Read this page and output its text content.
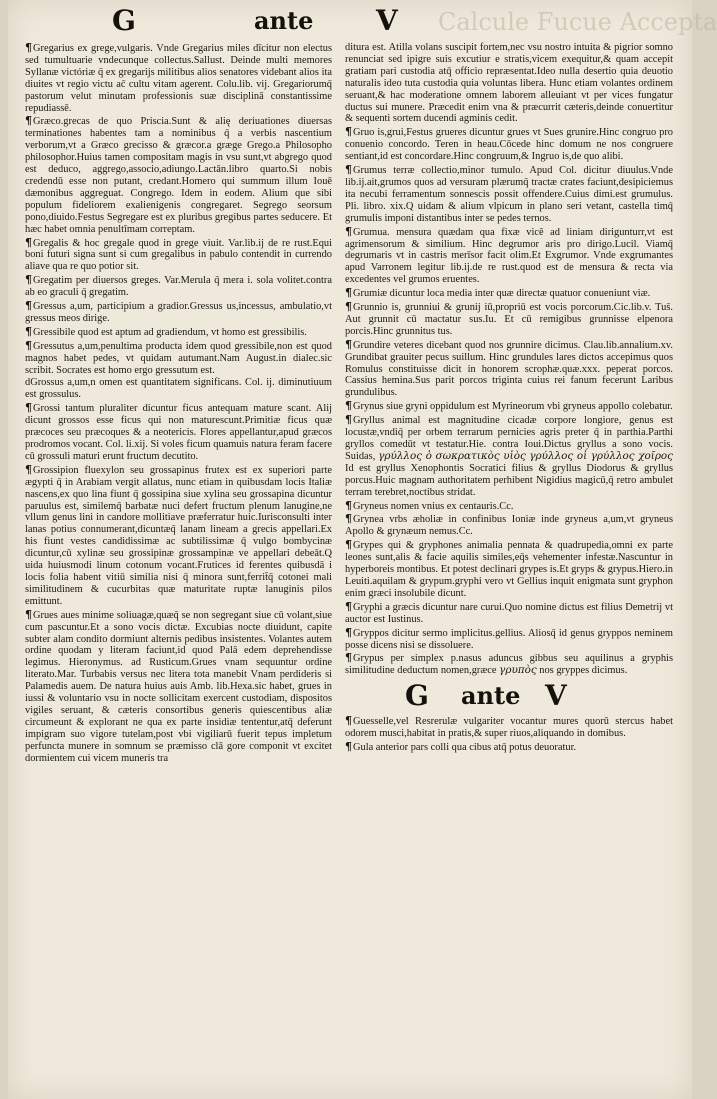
G	ante V Calcule Fucue Accepta

¶Gregarius ex grege,vulgaris. Vnde Gregarius miles dīcitur non electus sed tumultuarie vndecunque collectus.Sallust. Deinde multi memores Syllanæ victóriæ q̄ ex gregarijs militibus alios senatores videbant alios ita diuites vt regio victu ac̄ cultu vitam agerent. Colu.lib. vij. Gregariorumq̄ pastorum velut minutam professionis suæ disciplinā constantissime repudiassē.

¶Græco.grecas de quo Priscia.Sunt & alię deriuationes diuersas terminationes habentes tam a nominibus q̄ a verbis nascentium verborum,vt a Græco grecisso & græcor.a græge Grego.a Philosopho philosophor.Huius tamen compositam magis in vsu sunt,vt abgrego quod est deduco, aggrego,associo,adiungo.Lactān.libro quarto.Si nobis credendū esse non putant, credant.Homero qui summum illum Iouē dæmonibus aggreguat. Congrego. Idem in eodem. Alium que sibi populum fideliorem exalienigenis congregaret. Segrego seorsum pono,diuido.Festus Segregare est ex pluribus gregibus partes seducere. Et hæc habet omnia penultīmam correptam.

¶Gregalis & hoc gregale quod in grege viuit. Var.lib.ij de re rust.Equi boni futuri signa sunt si cum gregalibus in pabulo contendit in currendo aliave qua re quo potior sit.

¶Gregatim per diuersos greges. Var.Merula q̄ mera i. sola volitet.contra ab eo graculi q̄ gregatim.

¶Gressus a,um, participium a gradior.Gressus us,incessus, ambulatio,vt gressus meos dirige.

¶Gressibile quod est aptum ad gradiendum, vt homo est gressibilis.

¶Gressutus a,um,penultima producta idem quod gressibile,non est quod magnos habet pedes, vt quidam autumant.Nam August.in dialec.sic scribit. Socrates est homo ergo gressutum est.

dGrossus a,um,n omen est quantitatem significans. Col. ij. diminutiuum est grossulus.

¶Grossi tantum pluraliter dicuntur ficus antequam mature scant. Alij dicunt grossos esse ficus qui non maturescunt.Primitiæ ficus quæ præcoces seu præcoques & a neotericis. Flores appellantur,apud græcos prodromos vocant. Col. li.xij. Si voles ficum quamuis natura feram facere cū grossuli maturi erunt fructum decutito.

¶Grossipion fluexylon seu grossapinus frutex est ex superiori parte ægypti q̄ in Arabiam vergit allatus, nunc etiam in quibusdam locis Italiæ nascens,ex quo lina fiunt q̄ gossipina siue xylina seu grossapina dicuntur paruulus est, similemq̄ barbatæ nuci defert fructum plenum lanugine,ne vllum genus lini in candore mollitiave præferratur huic.Iurisconsulti inter lanas potius connumerant,dicuntæq̄ lanam lineam a grecis appellari.Ex his fiunt vestes candidissimæ ac subtilissimæ q̄ vulgo bombycinæ dicuntur,cū xylinæ seu grossipinæ grossampinæ ve appellari debeāt.Q uida huiusmodi linum cotonum vocant.Frutices id ferentes quibusdā i locis folia habent vitiū similia nisi q̄ minora sunt,ferrit̄q̄ cotonei mali similitudinem & cucurbitas quæ maturitate ruptæ lanuginis pilos emittunt.

¶Grues aues minime soliuagæ,quæq̄ se non segregant siue cū volant,siue cum pascuntur.Et a sono vocis dictæ. Excubias nocte diuidunt, capite subter alam condito dormiunt alternis pedibus insistentes. Volantes autem ordine quodam y literam faciunt,id quod Palā edem deprehendisse legimus. Hieronymus. ad Rusticum.Grues vnam sequuntur ordine literato.Mar. Turbabis versus nec litera tota manebit Vnam perdideris si Palamedis auem. De natura huius auis Amb. lib.Hexa.sic habet, grues in iussi & voluntario vsu in nocte sollicitam exercent custodiam, dispositos vigiles seruant, & cæteris consortibus generis quiescentibus aliæ circumeunt & explorant ne qua ex parte insidiæ tententur,atq̄ deferunt impigram suo vigore tutelam,post vbi vigiliarū fuerit tepus impletum perfuncta munere in somnum se præmisso clā gore componit vt excitet dormientem cui vicem muneris tra

ditura est. Atilla volans suscipit fortem,nec vsu nostro intuita & pigrior somno renunciat sed ipigre suis excutiur e stratis,vicem exequitur,& quam accepit gratiam pari custodia atq̄ officio repræsentat.Ideo nulla desertio quia deuotio naturalis ideo tuta custodia quia voluntas libera. Hunc etiam volantes ordinem seruant,& hac moderatione omnem laborem alleuiant vt per vices fungatur ductus sui munere. Præcedit enim vna & præcurrit cæteris,deinde conuertitur & sequenti sortem ducendi agminis cedit.

¶Gruo is,grui,Festus grueres dicuntur grues vt Sues grunire.Hinc congruo pro conuenio concordo. Teren in heau.Cōcede hinc domum ne nos congruere sentiant,id est concordare.Hinc congruum,& Ingruo is,de quo alibi.

¶Grumus terræ collectio,minor tumulo. Apud Col. dicitur diuulus.Vnde lib.ij.ait,grumos quos ad versuram plærumq̄ tractæ crates faciunt,desipiciemus ita necubi ferramentum sonnescis possit offendere.Cuius dimi.est grumulus. Pli. libro. xix.Q uidam & alium vlpicum in plano seri vetant, castella timq̄ grumulis imponi distantibus inter se pedes ternos.

¶Grumua. mensura quædam qua fixæ vicē ad liniam dirigunturr,vt est agrimensorum & similium. Hinc degrumor aris pro dirigo.Lucil. Viamq̄ degrumaris vt in castris merīsor facit olim.Et Exgrumor. Vnde exgrumantes apud Varronem legitur lib.ij.de re rust.quod est de mensura & recta via excedentes vel grumos eruentes.

¶Grumiæ dicuntur loca media inter quæ directæ quatuor conueniunt viæ.

¶Grunnio is, grunniui & grunij iū,propriū est vocis porcorum.Cic.lib.v. Tus̄. Aut grunnit cū mactatur sus.Iu. Et cū remigibus grunnisse elpenora porcis.Hinc grunnitus tus.

¶Grundire veteres dicebant quod nos grunnire dicimus. Clau.lib.annalium.xv. Grundibat grauiter pecus suillum. Hinc grundules lares dictos accepimus quos Romulus constituisse dicit in honorem scrophæ.quæ.xxx. peperat porcos. Cassius hemina.Sus parit porcos triginta cuius rei fanum fecerunt Laribus grundulibus.

¶Grynus siue gryni oppidulum est Myrineorum vbi gryneus appollo colebatur.

¶Gryllus animal est magnitudine cicadæ corpore longiore, genus est locustæ,vndiq̄ per orbem terrarum pernicies agris preter q̄ in parthia.Parthi gryllos comedūt vt testatur.Hie. contra Ioui.Dictus gryllus a sono vocis. Suidas, γρύλλος ὁ σωκρατικὸς υἱὸς γρύλλος οἱ γρύλλος χοῖρος Id est gryllus Xenophontis Socratici filius & gryllus Diodorus & gryllus porcus.Huic magnam authoritatem perhibent Nigidius magicū,q̄ retro ambulet terram terebret,noctibus stridat.

¶Gryneus nomen vnius ex centauris.Cc.

¶Grynea vrbs æholiæ in confinibus Ioniæ inde gryneus a,um,vt gryneus Apollo & grynæum nemus.Cc.

¶Grypes qui & gryphones animalia pennata & quadrupedia,omni ex parte leones sunt,alis & facie aquilis similes,eq̄s vehementer infestæ.Nascuntur in hyperboreis montibus. Et potest declinari grypes is.Et gryps & grypus.Hiero.in Leuiti.aquilam & grypum.gryphi vero vt Gellius inquit enigmata sunt gryphon enim græci insolubile dicunt.

¶Gryphi a græcis dicuntur nare curui.Quo nomine dictus est filius Demetrij vt auctor est Iustinus.

¶Gryppos dicitur sermo implicitus.gellius. Aliosq̄ id genus gryppos neminem posse dicens nisi se dissoluere.

¶Grypus per simplex p.nasus aduncus gibbus seu aquilinus a gryphis similitudine deductum nomen,græce γρυπὸς nos gryppes dicimus.

G ante V

¶Guesselle,vel Resrerulæ vulgariter vocantur mures quorū stercus habet odorem musci,habitat in pratis,& super riuos,aliquando in domibus.

¶Gula anterior pars colli qua cibus atq̄ potus deuoratur.
